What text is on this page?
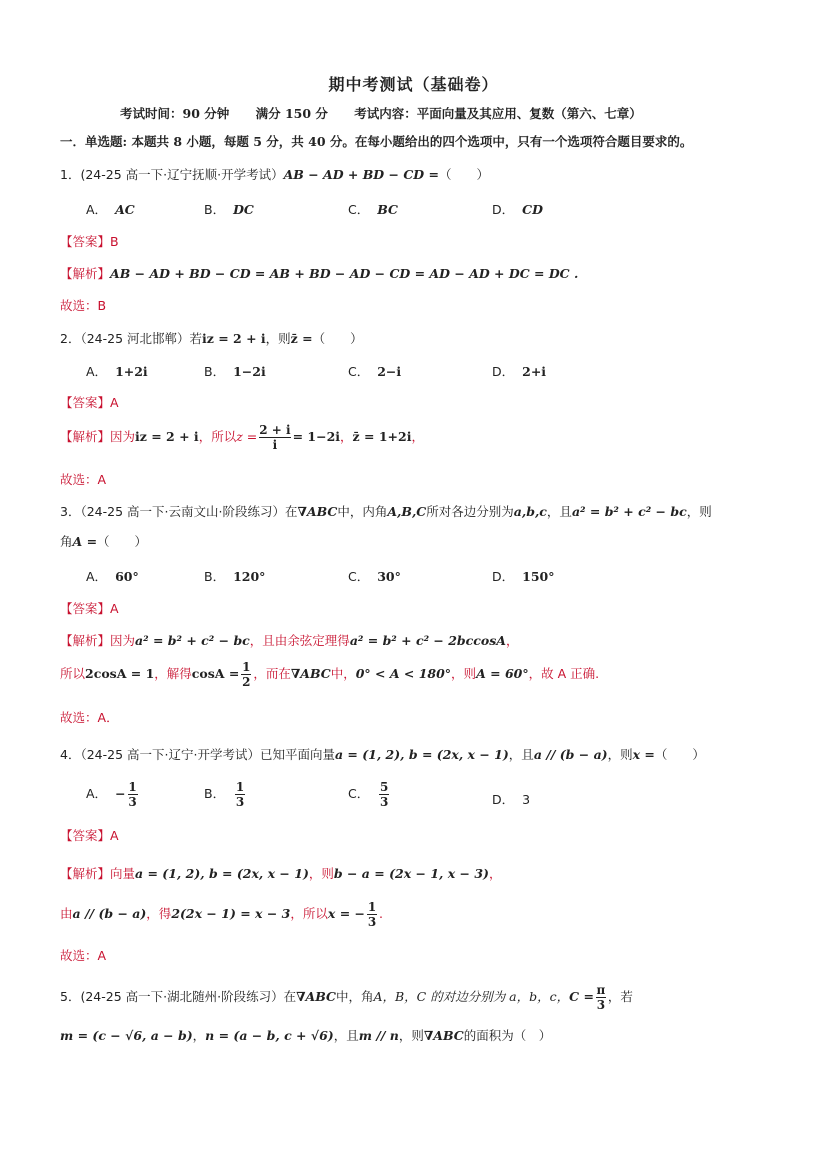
期中考测试（基础卷）
考试时间：90 分钟 满分 150 分 考试内容：平面向量及其应用、复数（第六、七章）
一．单选题: 本题共 8 小题，每题 5 分，共 40 分。在每小题给出的四个选项中，只有一个选项符合题目要求的。
1．(24-25 高一下·辽宁抚顺·开学考试）AB − AD + BD − CD =（　　）
A． AC	B． DC	C． BC	D． CD
【答案】B
【解析】AB − AD + BD − CD = AB + BD − AD − CD = AD − AD + DC = DC .
故选：B
2．（24-25 河北邯郸）若iz = 2 + i，则z̄ =（　　）
A． 1+2i	B． 1−2i	C． 2−i	D． 2+i
【答案】A
【解析】因为iz = 2 + i，所以$z = \frac{2 + i}{i} = 1-2i$，z̄ = 1+2i，
故选：A
3．（24-25 高一下·云南文山·阶段练习）在∇ABC中，内角A,B,C所对各边分别为a,b,c，且a² = b² + c² − bc，则
角A =（　　）
A． 60°	B． 120°	C． 30°	D． 150°
【答案】A
【解析】因为a² = b² + c² − bc，且由余弦定理得a² = b² + c² − 2bccosA，
所以2cosA = 1，解得$\cos A = \frac{1}{2}$ ，而在∇ABC中，0° < A < 180°，则A = 60°，故 A 正确.
故选：A．
4．（24-25 高一下·辽宁·开学考试）已知平面向量a = (1, 2), b = (2x, x − 1)，且a // (b − a)，则x =（　　）
A． − $\frac{1}{3}$	B． $\frac{1}{3}$	C． $\frac{5}{3}$	D． 3
【答案】A
【解析】向量a = (1, 2), b = (2x, x − 1)，则b − a = (2x − 1, x − 3)，
由a // (b − a)，得2(2x − 1) = x − 3，所以x = − $\frac{1}{3}$ .
故选：A
5．(24-25 高一下·湖北随州·阶段练习）在∇ABC中，角A，B，C 的对边分别为 a，b，c，$C = \frac{\pi}{3}$ ，若
m = (c − √6, a − b)，n = (a − b, c + √6)，且m // n，则∇ABC的面积为（　）
